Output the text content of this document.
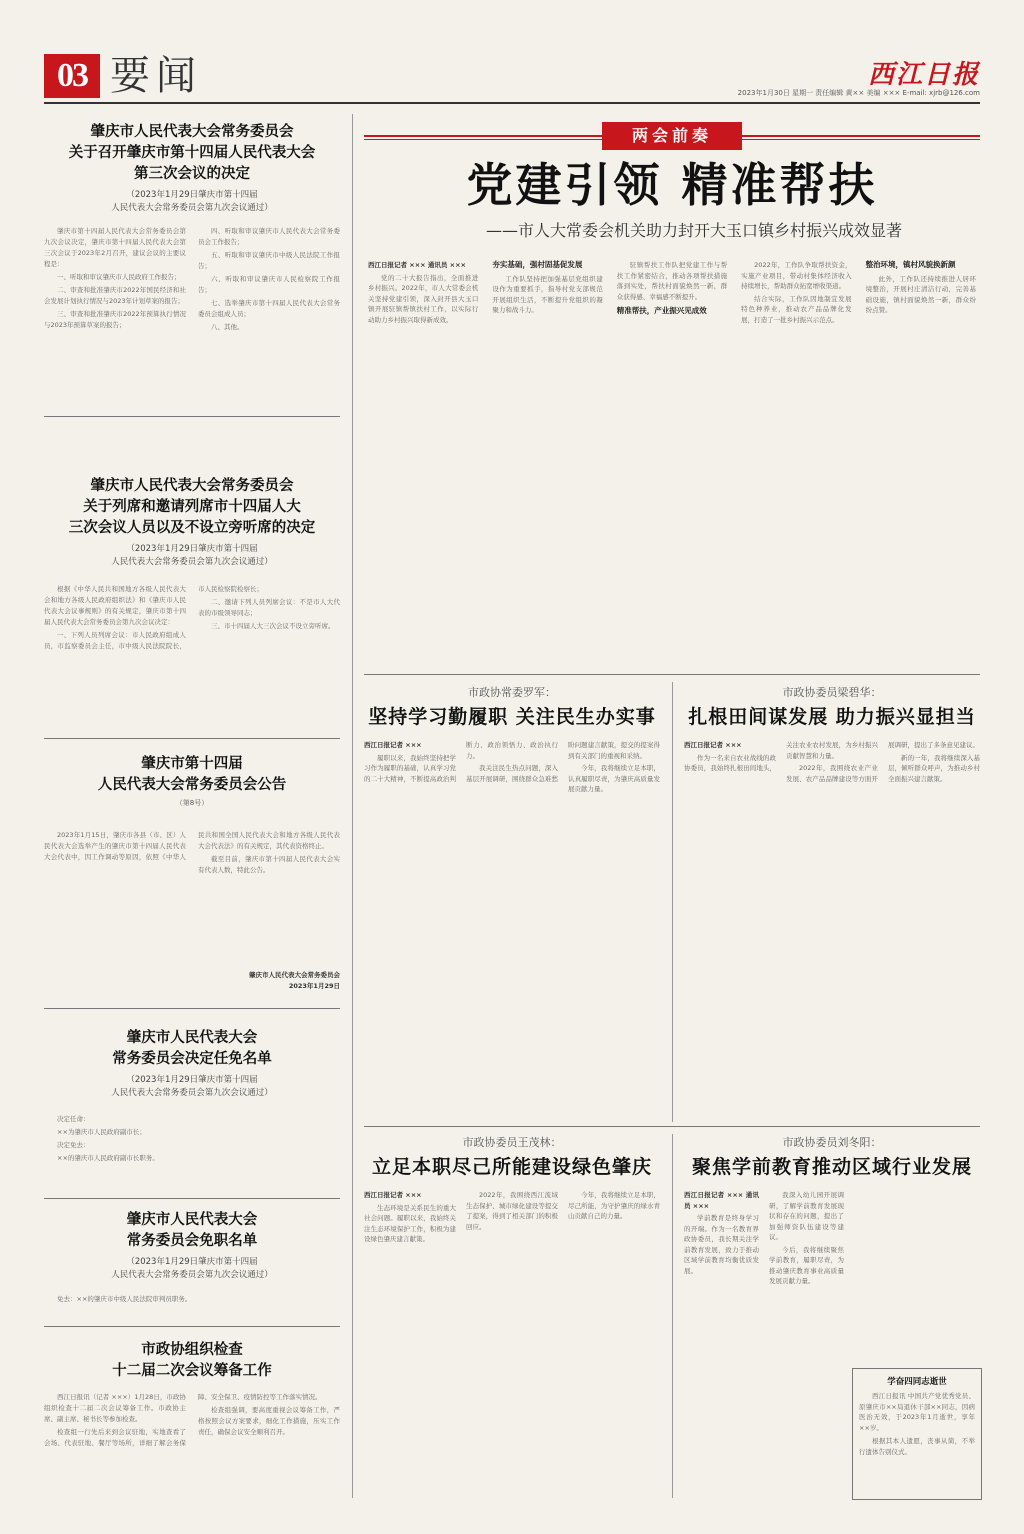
03 要闻	西江日报
2023年1月30日 星期一 责任编辑 黄×× 美编 ××× E-mail: xjrb@126.com
肇庆市人民代表大会常务委员会
关于召开肇庆市第十四届人民代表大会
第三次会议的决定
（2023年1月29日肇庆市第十四届
人民代表大会常务委员会第九次会议通过）

肇庆市第十四届人民代表大会常务委员会第九次会议决定，肇庆市第十四届人民代表大会第三次会议于2023年2月召开，建议会议的主要议程是：

一、听取和审议肇庆市人民政府工作报告；

二、审查和批准肇庆市2022年国民经济和社会发展计划执行情况与2023年计划草案的报告；

三、审查和批准肇庆市2022年预算执行情况与2023年预算草案的报告；

四、听取和审议肇庆市人民代表大会常务委员会工作报告；

五、听取和审议肇庆市中级人民法院工作报告；

六、听取和审议肇庆市人民检察院工作报告；

七、选举肇庆市第十四届人民代表大会常务委员会组成人员；

八、其他。

肇庆市人民代表大会常务委员会
关于列席和邀请列席市十四届人大
三次会议人员以及不设立旁听席的决定
（2023年1月29日肇庆市第十四届
人民代表大会常务委员会第九次会议通过）

根据《中华人民共和国地方各级人民代表大会和地方各级人民政府组织法》和《肇庆市人民代表大会议事规则》的有关规定，肇庆市第十四届人民代表大会常务委员会第九次会议决定：

一、下列人员列席会议：市人民政府组成人员，市监察委员会主任，市中级人民法院院长，市人民检察院检察长；

二、邀请下列人员列席会议：不是市人大代表的市级领导同志；

三、市十四届人大三次会议不设立旁听席。

肇庆市第十四届
人民代表大会常务委员会公告
（第8号）

2023年1月15日，肇庆市各县（市、区）人民代表大会选举产生的肇庆市第十四届人民代表大会代表中，因工作调动等原因，依照《中华人民共和国全国人民代表大会和地方各级人民代表大会代表法》的有关规定，其代表资格终止。

截至目前，肇庆市第十四届人民代表大会实有代表人数，特此公告。

肇庆市人民代表大会常务委员会
2023年1月29日
肇庆市人民代表大会
常务委员会决定任免名单
（2023年1月29日肇庆市第十四届
人民代表大会常务委员会第九次会议通过）

决定任命：

××为肇庆市人民政府副市长；

决定免去：

××的肇庆市人民政府副市长职务。

肇庆市人民代表大会
常务委员会免职名单
（2023年1月29日肇庆市第十四届
人民代表大会常务委员会第九次会议通过）

免去：××的肇庆市中级人民法院审判员职务。

市政协组织检查
十二届二次会议筹备工作

西江日报讯（记者 ×××）1月28日，市政协组织检查十二届二次会议筹备工作。市政协主席、副主席、秘书长等参加检查。

检查组一行先后来到会议驻地，实地查看了会场、代表驻地、餐厅等场所，详细了解会务保障、安全保卫、疫情防控等工作落实情况。

检查组强调，要高度重视会议筹备工作，严格按照会议方案要求，细化工作措施，压实工作责任，确保会议安全顺利召开。

两会前奏
党建引领 精准帮扶
——市人大常委会机关助力封开大玉口镇乡村振兴成效显著

西江日报记者 ××× 通讯员 ×××

党的二十大报告指出，全面推进乡村振兴。2022年，市人大常委会机关坚持党建引领，深入封开县大玉口镇开展驻镇帮镇扶村工作，以实际行动助力乡村振兴取得新成效。

夯实基础，强村固基促发展

工作队坚持把加强基层党组织建设作为重要抓手，指导村党支部规范开展组织生活，不断提升党组织的凝聚力和战斗力。

驻镇帮扶工作队把党建工作与帮扶工作紧密结合，推动各项帮扶措施落到实处，帮扶村面貌焕然一新，群众获得感、幸福感不断提升。

精准帮扶，产业振兴见成效

2022年，工作队争取帮扶资金，实施产业项目，带动村集体经济收入持续增长，帮助群众拓宽增收渠道。

结合实际，工作队因地制宜发展特色种养业，推动农产品品牌化发展，打造了一批乡村振兴示范点。

整治环境，镇村风貌换新颜

此外，工作队还持续推进人居环境整治，开展村庄清洁行动，完善基础设施，镇村面貌焕然一新，群众纷纷点赞。

市政协常委罗军：
坚持学习勤履职 关注民生办实事

西江日报记者 ×××

履职以来，我始终坚持把学习作为履职的基础，认真学习党的二十大精神，不断提高政治判断力、政治领悟力、政治执行力。

我关注民生热点问题，深入基层开展调研，围绕群众急难愁盼问题建言献策，提交的提案得到有关部门的重视和采纳。

今年，我将继续立足本职，认真履职尽责，为肇庆高质量发展贡献力量。

市政协委员梁碧华：
扎根田间谋发展 助力振兴显担当

西江日报记者 ×××

作为一名来自农业战线的政协委员，我始终扎根田间地头，关注农业农村发展，为乡村振兴贡献智慧和力量。

2022年，我围绕农业产业发展、农产品品牌建设等方面开展调研，提出了多条意见建议。

新的一年，我将继续深入基层，倾听群众呼声，为推动乡村全面振兴建言献策。

市政协委员王茂林：
立足本职尽己所能建设绿色肇庆

西江日报记者 ×××

生态环境是关系民生的重大社会问题。履职以来，我始终关注生态环境保护工作，积极为建设绿色肇庆建言献策。

2022年，我围绕西江流域生态保护、城市绿化建设等提交了提案，得到了相关部门的积极回应。

今年，我将继续立足本职，尽己所能，为守护肇庆的绿水青山贡献自己的力量。

市政协委员刘冬阳：
聚焦学前教育推动区域行业发展

西江日报记者 ××× 通讯员 ×××

学前教育是终身学习的开端。作为一名教育界政协委员，我长期关注学前教育发展，致力于推动区域学前教育均衡优质发展。

我深入幼儿园开展调研，了解学前教育发展现状和存在的问题，提出了加强师资队伍建设等建议。

今后，我将继续聚焦学前教育，履职尽责，为推动肇庆教育事业高质量发展贡献力量。

学奋四同志逝世

西江日报讯 中国共产党优秀党员、原肇庆市××局退休干部××同志，因病医治无效，于2023年1月逝世，享年××岁。

根据其本人遗愿，丧事从简，不举行遗体告别仪式。
